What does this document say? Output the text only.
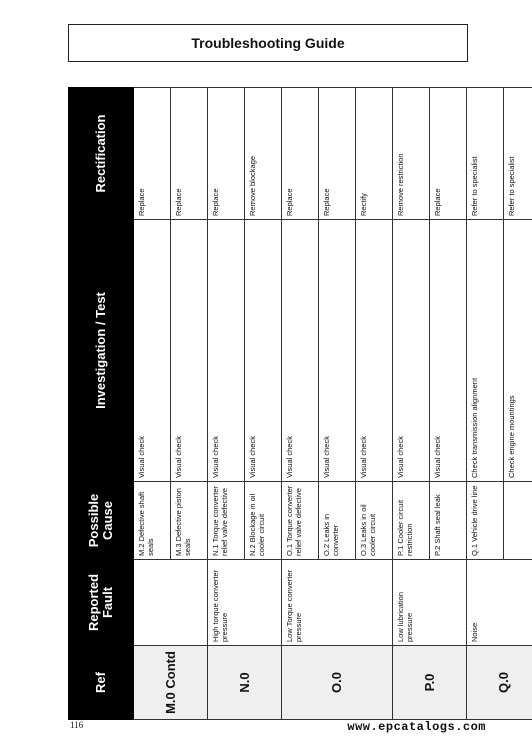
Troubleshooting Guide
Ref	Reported Fault	Possible Cause	Investigation / Test	Rectification
M.0 Contd		M.2 Defective shaft seals	Visual check	Replace
		M.3 Defective piston seals	Visual check	Replace
N.0	High torque converter pressure	N.1 Torque converter relief valve defective	Visual check	Replace
		N.2 Blockage in oil cooler circuit	Visual check	Remove blockage
O.0	Low Torque converter pressure	O.1 Torque converter relief valve defective	Visual check	Replace
		O.2 Leaks in converter	Visual check	Replace
		O.3 Leaks in oil cooler circuit	Visual check	Rectify
P.0	Low lubrication pressure	P.1 Cooler circuit restriction	Visual check	Remove restriction
		P.2 Shaft seal leak	Visual check	Replace
Q.0	Noise	Q.1 Vehicle drive line	Check transmission alignment	Refer to specialist
			Check engine mountings	Refer to specialist
116	www.epcatalogs.com
